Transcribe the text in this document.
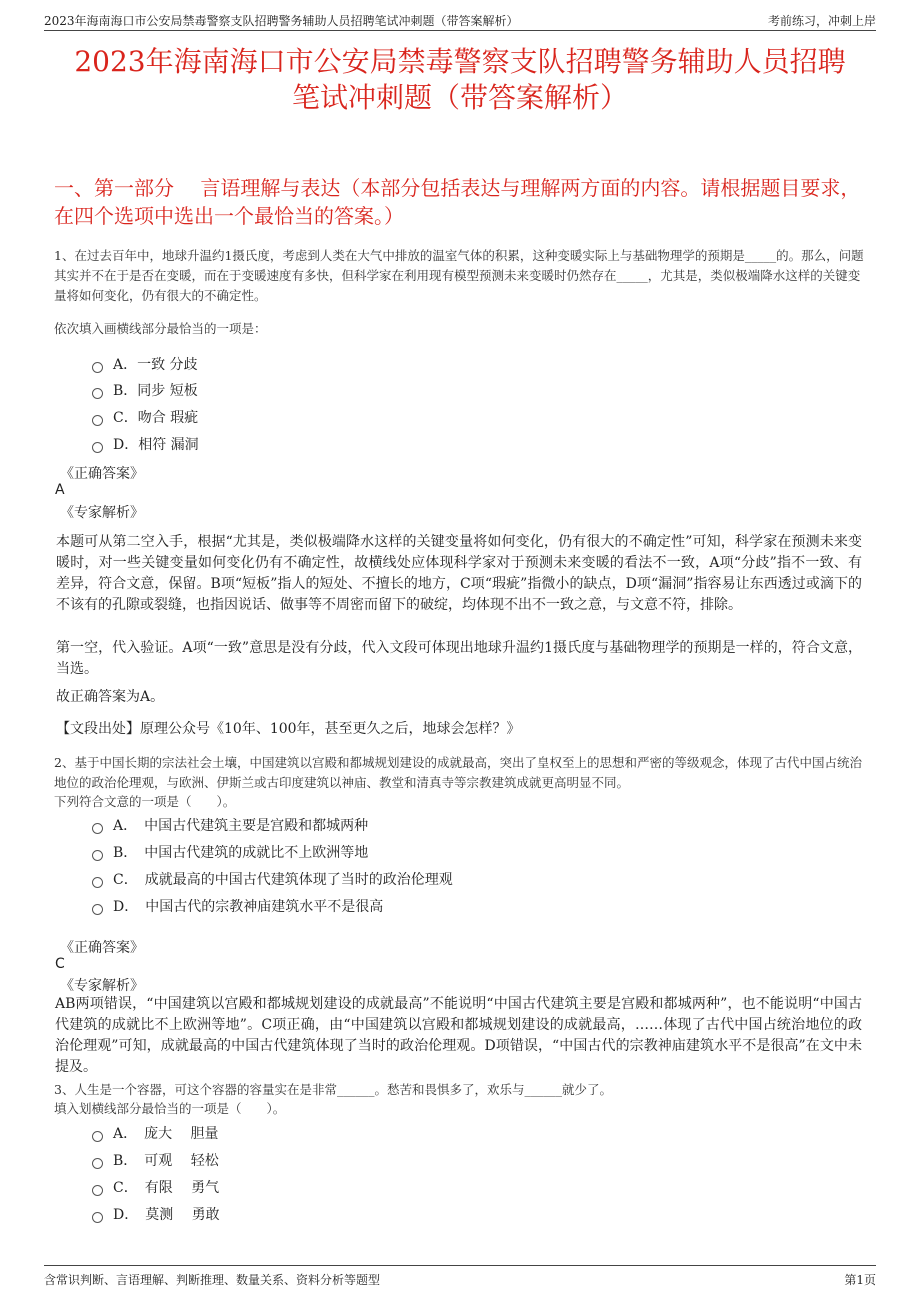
2023年海南海口市公安局禁毒警察支队招聘警务辅助人员招聘笔试冲刺题（带答案解析）	考前练习，冲刺上岸
2023年海南海口市公安局禁毒警察支队招聘警务辅助人员招聘
笔试冲刺题（带答案解析）
一、第一部分　 言语理解与表达（本部分包括表达与理解两方面的内容。请根据题目要求，在四个选项中选出一个最恰当的答案。）
1、在过去百年中，地球升温约1摄氏度，考虑到人类在大气中排放的温室气体的积累，这种变暖实际上与基础物理学的预期是_____的。那么，问题其实并不在于是否在变暖，而在于变暖速度有多快，但科学家在利用现有模型预测未来变暖时仍然存在_____，尤其是，类似极端降水这样的关键变量将如何变化，仍有很大的不确定性。
依次填入画横线部分最恰当的一项是：
A．一致 分歧
B．同步 短板
C．吻合 瑕疵
D．相符 漏洞
《正确答案》
A
《专家解析》
本题可从第二空入手，根据“尤其是，类似极端降水这样的关键变量将如何变化，仍有很大的不确定性”可知，科学家在预测未来变暖时，对一些关键变量如何变化仍有不确定性，故横线处应体现科学家对于预测未来变暖的看法不一致，A项“分歧”指不一致、有差异，符合文意，保留。B项“短板”指人的短处、不擅长的地方，C项“瑕疵”指微小的缺点，D项“漏洞”指容易让东西透过或滴下的不该有的孔隙或裂缝，也指因说话、做事等不周密而留下的破绽，均体现不出不一致之意，与文意不符，排除。
第一空，代入验证。A项“一致”意思是没有分歧，代入文段可体现出地球升温约1摄氏度与基础物理学的预期是一样的，符合文意，当选。
故正确答案为A。
【文段出处】原理公众号《10年、100年，甚至更久之后，地球会怎样？》
2、基于中国长期的宗法社会土壤，中国建筑以宫殿和都城规划建设的成就最高，突出了皇权至上的思想和严密的等级观念，体现了古代中国占统治地位的政治伦理观，与欧洲、伊斯兰或古印度建筑以神庙、教堂和清真寺等宗教建筑成就更高明显不同。
下列符合文意的一项是（　　）。
A．　中国古代建筑主要是宫殿和都城两种
B．　中国古代建筑的成就比不上欧洲等地
C．　成就最高的中国古代建筑体现了当时的政治伦理观
D．　中国古代的宗教神庙建筑水平不是很高
《正确答案》
C
《专家解析》
AB两项错误，“中国建筑以宫殿和都城规划建设的成就最高”不能说明“中国古代建筑主要是宫殿和都城两种”，也不能说明“中国古代建筑的成就比不上欧洲等地”。C项正确，由“中国建筑以宫殿和都城规划建设的成就最高，……体现了古代中国占统治地位的政治伦理观”可知，成就最高的中国古代建筑体现了当时的政治伦理观。D项错误，“中国古代的宗教神庙建筑水平不是很高”在文中未提及。
3、人生是一个容器，可这个容器的容量实在是非常______。愁苦和畏惧多了，欢乐与______就少了。
填入划横线部分最恰当的一项是（　　）。
A．　庞大　 胆量
B．　可观　 轻松
C．　有限　 勇气
D．　莫测　 勇敢
含常识判断、言语理解、判断推理、数量关系、资料分析等题型	第1页
